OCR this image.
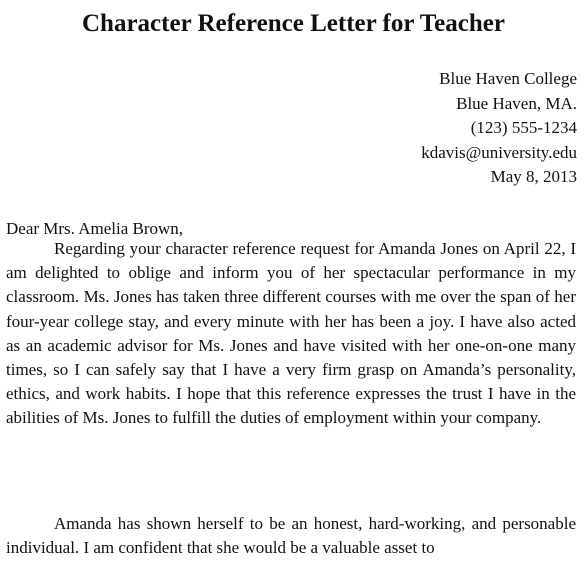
Character Reference Letter for Teacher
Blue Haven College
Blue Haven, MA.
(123) 555-1234
kdavis@university.edu
May 8, 2013
Dear Mrs. Amelia Brown,

Regarding your character reference request for Amanda Jones on April 22, I am delighted to oblige and inform you of her spectacular performance in my classroom. Ms. Jones has taken three different courses with me over the span of her four-year college stay, and every minute with her has been a joy. I have also acted as an academic advisor for Ms. Jones and have visited with her one-on-one many times, so I can safely say that I have a very firm grasp on Amanda’s personality, ethics, and work habits. I hope that this reference expresses the trust I have in the abilities of Ms. Jones to fulfill the duties of employment within your company.

Amanda has shown herself to be an honest, hard-working, and personable individual. I am confident that she would be a valuable asset to
